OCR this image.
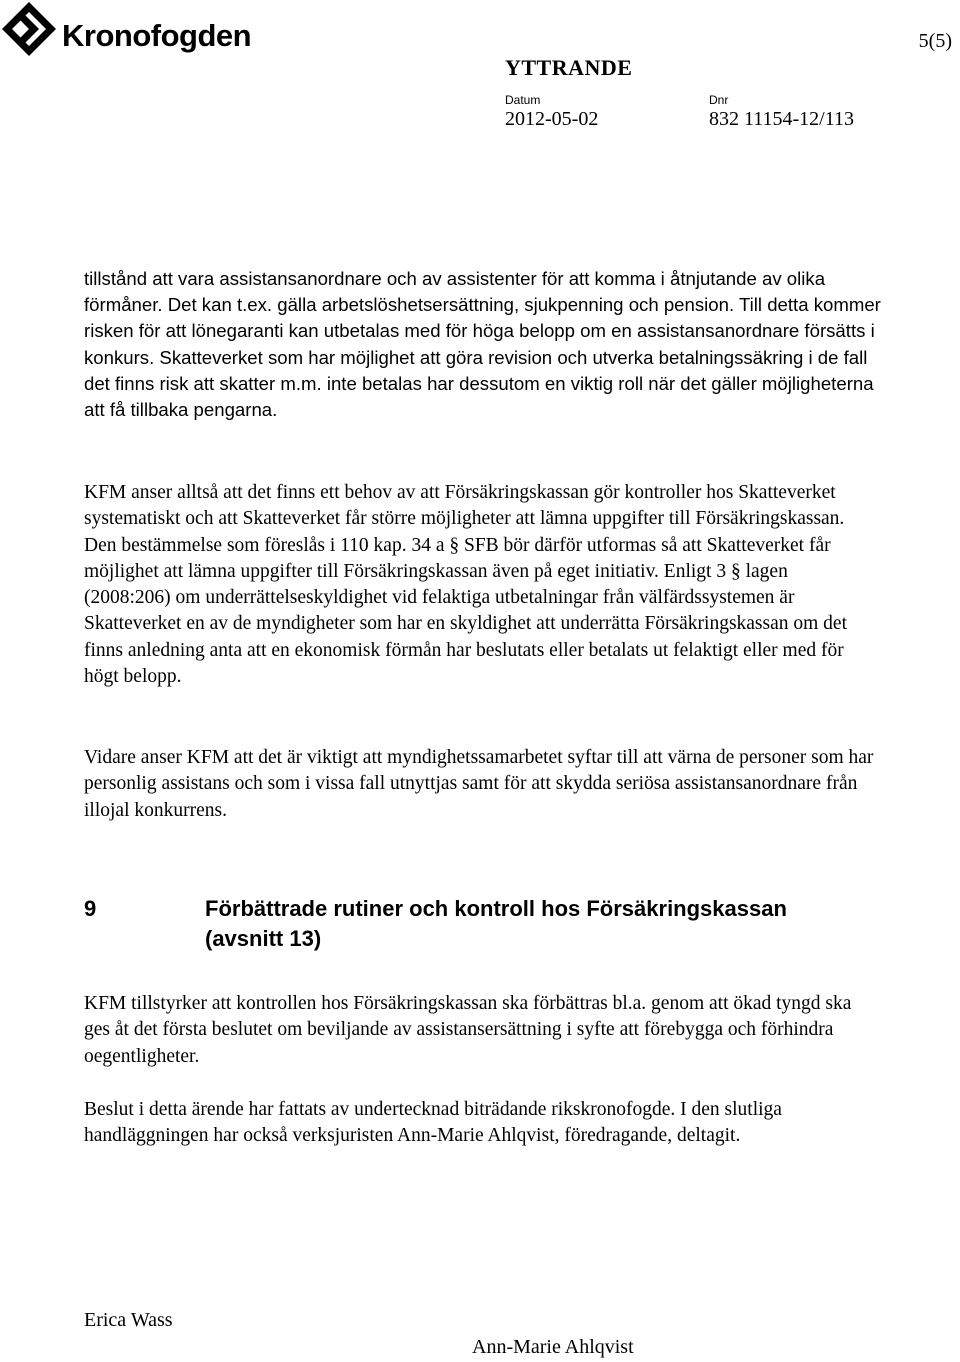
Kronofogden	5(5)
YTTRANDE
Datum
2012-05-02
Dnr
832 11154-12/113
tillstånd att vara assistansanordnare och av assistenter för att komma i åtnjutande av olika förmåner. Det kan t.ex. gälla arbetslöshetsersättning, sjukpenning och pension. Till detta kommer risken för att lönegaranti kan utbetalas med för höga belopp om en assistansanordnare försätts i konkurs. Skatteverket som har möjlighet att göra revision och utverka betalningssäkring i de fall det finns risk att skatter m.m. inte betalas har dessutom en viktig roll när det gäller möjligheterna att få tillbaka pengarna.
KFM anser alltså att det finns ett behov av att Försäkringskassan gör kontroller hos Skatteverket systematiskt och att Skatteverket får större möjligheter att lämna uppgifter till Försäkringskassan. Den bestämmelse som föreslås i 110 kap. 34 a § SFB bör därför utformas så att Skatteverket får möjlighet att lämna uppgifter till Försäkringskassan även på eget initiativ. Enligt 3 § lagen (2008:206) om underrättelseskyldighet vid felaktiga utbetalningar från välfärdssystemen är Skatteverket en av de myndigheter som har en skyldighet att underrätta Försäkringskassan om det finns anledning anta att en ekonomisk förmån har beslutats eller betalats ut felaktigt eller med för högt belopp.
Vidare anser KFM att det är viktigt att myndighetssamarbetet syftar till att värna de personer som har personlig assistans och som i vissa fall utnyttjas samt för att skydda seriösa assistansanordnare från illojal konkurrens.
9	Förbättrade rutiner och kontroll hos Försäkringskassan (avsnitt 13)
KFM tillstyrker att kontrollen hos Försäkringskassan ska förbättras bl.a. genom att ökad tyngd ska ges åt det första beslutet om beviljande av assistansersättning i syfte att förebygga och förhindra oegentligheter.
Beslut i detta ärende har fattats av undertecknad biträdande rikskronofogde. I den slutliga handläggningen har också verksjuristen Ann-Marie Ahlqvist, föredragande, deltagit.
Erica Wass
Ann-Marie Ahlqvist
